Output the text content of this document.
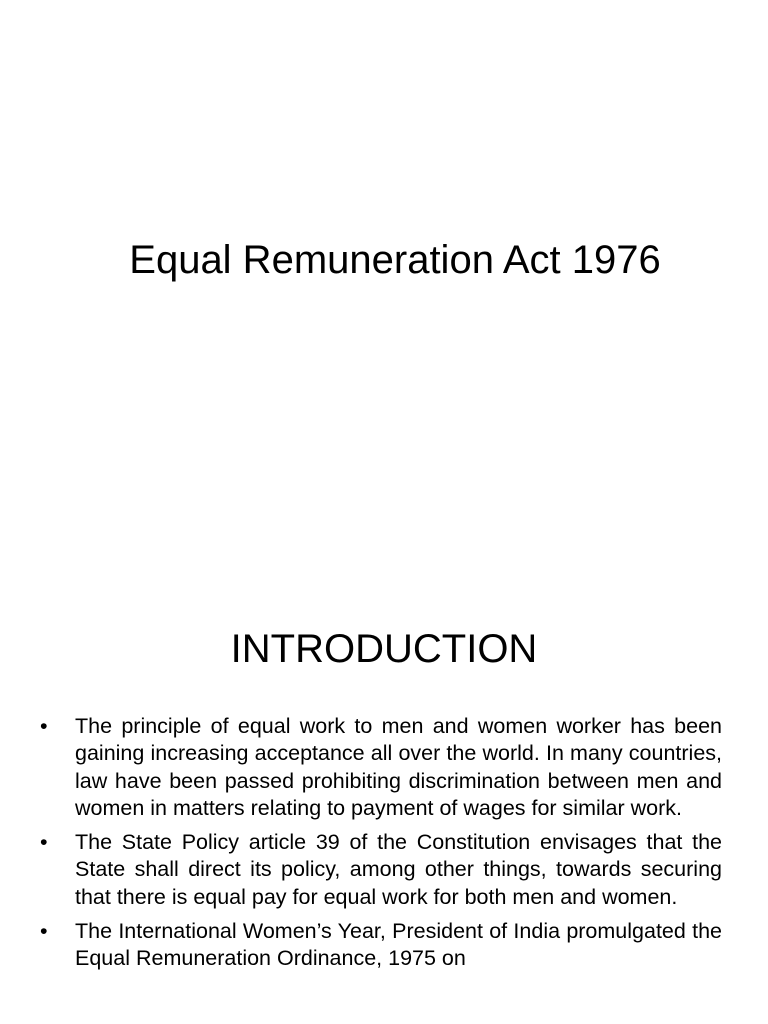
Equal Remuneration Act 1976
INTRODUCTION
• The principle of equal work to men and women worker has been gaining increasing acceptance all over the world. In many countries, law have been passed prohibiting discrimination between men and women in matters relating to payment of wages for similar work.
• The State Policy article 39 of the Constitution envisages that the State shall direct its policy, among other things, towards securing that there is equal pay for equal work for both men and women.
• The International Women’s Year, President of India promulgated the Equal Remuneration Ordinance, 1975 on
